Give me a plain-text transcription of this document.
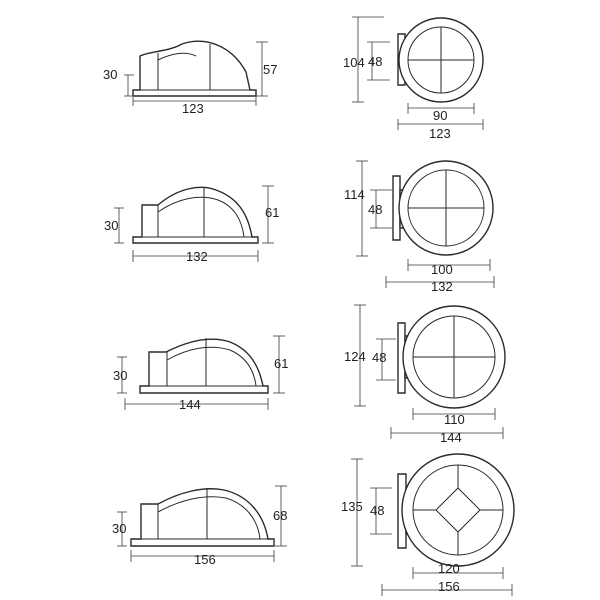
30	57
123
104 48
90
123
30
61
132
114
48
100
132
30
61
144
124 48
110
144
30
68
156
135 48
120
156
